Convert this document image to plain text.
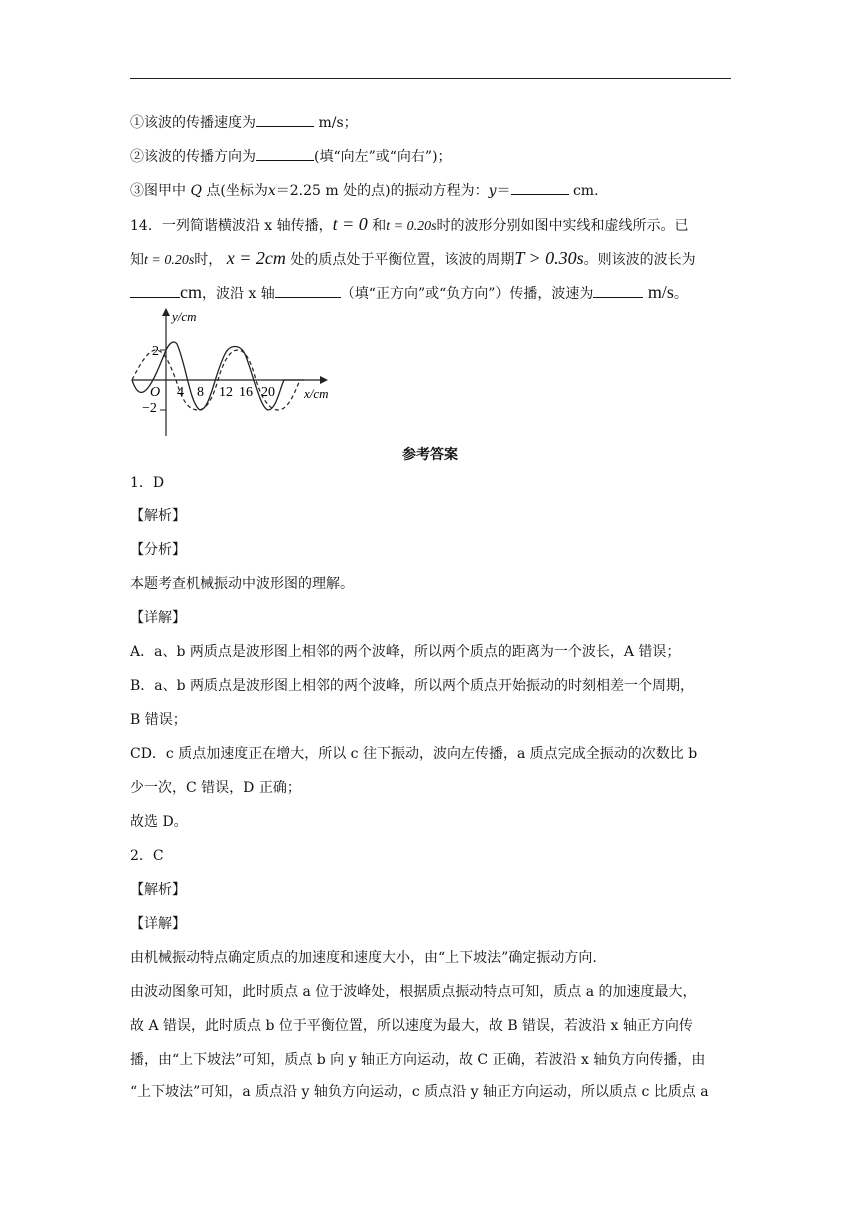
①该波的传播速度为	m/s；
②该波的传播方向为	(填“向左”或“向右”)；
③图甲中 Q 点(坐标为x＝2.25 m 处的点)的振动方程为：y＝	cm.
14．一列简谐横波沿 x 轴传播，t = 0 和t = 0.20s时的波形分别如图中实线和虚线所示。已
知t = 0.20s时， x = 2cm 处的质点处于平衡位置，该波的周期T > 0.30s。则该波的波长为
cm，波沿 x 轴	（填“正方向”或“负方向”）传播，波速为	m/s。
y/cm
x/cm
2
−2
O 4 8 12 16 20
参考答案
1．D
【解析】
【分析】
本题考查机械振动中波形图的理解。
【详解】
A．a、b 两质点是波形图上相邻的两个波峰，所以两个质点的距离为一个波长，A 错误；
B．a、b 两质点是波形图上相邻的两个波峰，所以两个质点开始振动的时刻相差一个周期，
B 错误；
CD．c 质点加速度正在增大，所以 c 往下振动，波向左传播，a 质点完成全振动的次数比 b
少一次，C 错误，D 正确；
故选 D。
2．C
【解析】
【详解】
由机械振动特点确定质点的加速度和速度大小，由“上下坡法”确定振动方向.
由波动图象可知，此时质点 a 位于波峰处，根据质点振动特点可知，质点 a 的加速度最大，
故 A 错误，此时质点 b 位于平衡位置，所以速度为最大，故 B 错误，若波沿 x 轴正方向传
播，由“上下坡法”可知，质点 b 向 y 轴正方向运动，故 C 正确，若波沿 x 轴负方向传播，由
“上下坡法”可知，a 质点沿 y 轴负方向运动，c 质点沿 y 轴正方向运动，所以质点 c 比质点 a
